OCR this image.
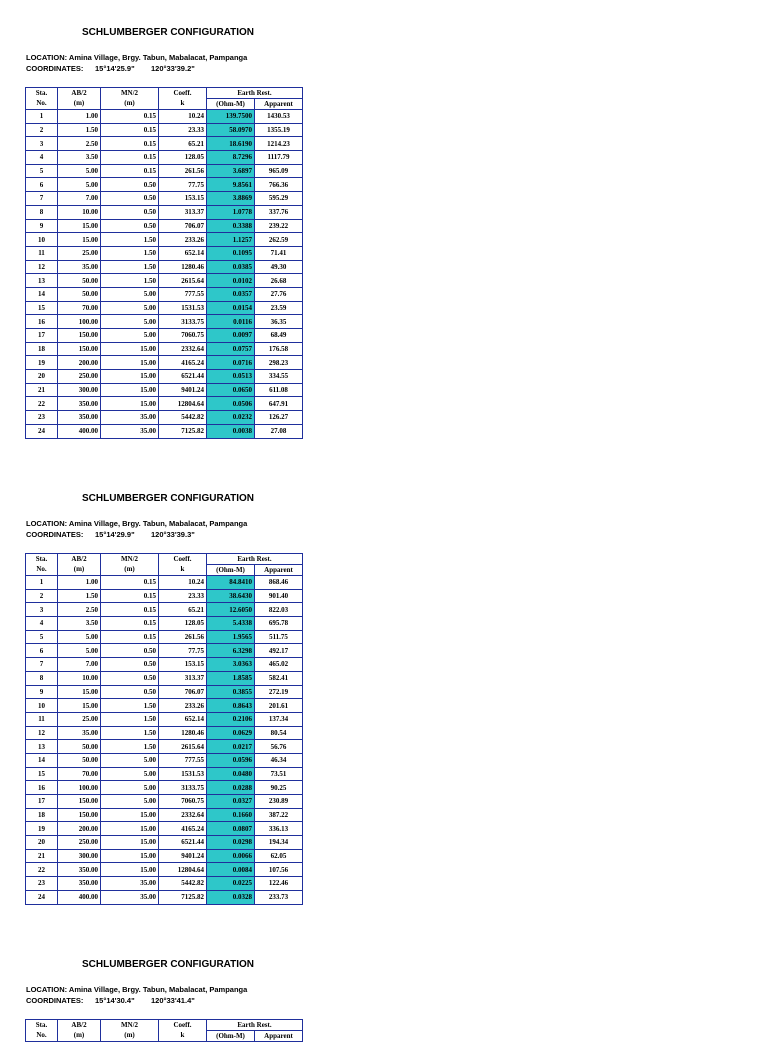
SCHLUMBERGER CONFIGURATION
LOCATION: Amina Village, Brgy. Tabun, Mabalacat, Pampanga
COORDINATES: 15°14'25.9" 120°33'39.2"
Sta.	AB/2	MN/2	Coeff.	Earth Rest.	
No.	(m)	(m)	k	(Ohm-M)	Apparent
1	1.00	0.15	10.24	139.7500	1430.53
2	1.50	0.15	23.33	58.0970	1355.19
3	2.50	0.15	65.21	18.6190	1214.23
4	3.50	0.15	128.05	8.7296	1117.79
5	5.00	0.15	261.56	3.6897	965.09
6	5.00	0.50	77.75	9.8561	766.36
7	7.00	0.50	153.15	3.8869	595.29
8	10.00	0.50	313.37	1.0778	337.76
9	15.00	0.50	706.07	0.3388	239.22
10	15.00	1.50	233.26	1.1257	262.59
11	25.00	1.50	652.14	0.1095	71.41
12	35.00	1.50	1280.46	0.0385	49.30
13	50.00	1.50	2615.64	0.0102	26.68
14	50.00	5.00	777.55	0.0357	27.76
15	70.00	5.00	1531.53	0.0154	23.59
16	100.00	5.00	3133.75	0.0116	36.35
17	150.00	5.00	7060.75	0.0097	68.49
18	150.00	15.00	2332.64	0.0757	176.58
19	200.00	15.00	4165.24	0.0716	298.23
20	250.00	15.00	6521.44	0.0513	334.55
21	300.00	15.00	9401.24	0.0650	611.08
22	350.00	15.00	12804.64	0.0506	647.91
23	350.00	35.00	5442.82	0.0232	126.27
24	400.00	35.00	7125.82	0.0038	27.08
SCHLUMBERGER CONFIGURATION
LOCATION: Amina Village, Brgy. Tabun, Mabalacat, Pampanga
COORDINATES: 15°14'29.9" 120°33'39.3"
Sta.	AB/2	MN/2	Coeff.	Earth Rest.	
No.	(m)	(m)	k	(Ohm-M)	Apparent
1	1.00	0.15	10.24	84.8410	868.46
2	1.50	0.15	23.33	38.6430	901.40
3	2.50	0.15	65.21	12.6050	822.03
4	3.50	0.15	128.05	5.4338	695.78
5	5.00	0.15	261.56	1.9565	511.75
6	5.00	0.50	77.75	6.3298	492.17
7	7.00	0.50	153.15	3.0363	465.02
8	10.00	0.50	313.37	1.8585	582.41
9	15.00	0.50	706.07	0.3855	272.19
10	15.00	1.50	233.26	0.8643	201.61
11	25.00	1.50	652.14	0.2106	137.34
12	35.00	1.50	1280.46	0.0629	80.54
13	50.00	1.50	2615.64	0.0217	56.76
14	50.00	5.00	777.55	0.0596	46.34
15	70.00	5.00	1531.53	0.0480	73.51
16	100.00	5.00	3133.75	0.0288	90.25
17	150.00	5.00	7060.75	0.0327	230.89
18	150.00	15.00	2332.64	0.1660	387.22
19	200.00	15.00	4165.24	0.0807	336.13
20	250.00	15.00	6521.44	0.0298	194.34
21	300.00	15.00	9401.24	0.0066	62.05
22	350.00	15.00	12804.64	0.0084	107.56
23	350.00	35.00	5442.82	0.0225	122.46
24	400.00	35.00	7125.82	0.0328	233.73
SCHLUMBERGER CONFIGURATION
LOCATION: Amina Village, Brgy. Tabun, Mabalacat, Pampanga
COORDINATES: 15°14'30.4" 120°33'41.4"
Sta.	AB/2	MN/2	Coeff.	Earth Rest.	
No.	(m)	(m)	k	(Ohm-M)	Apparent
